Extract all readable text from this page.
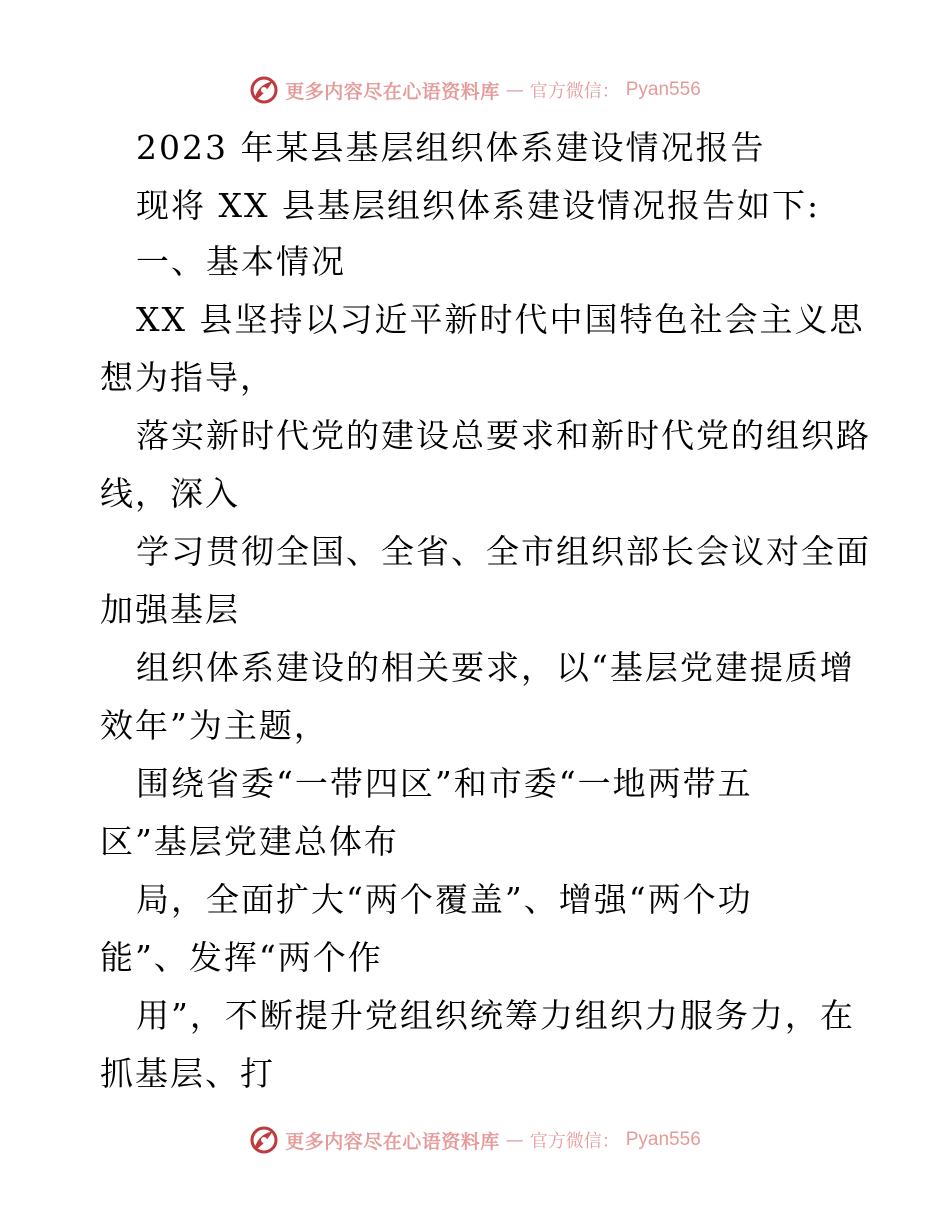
更多内容尽在心语资料库 — 官方微信： Pyan556
2023 年某县基层组织体系建设情况报告
现将 XX 县基层组织体系建设情况报告如下:
一、基本情况
XX 县坚持以习近平新时代中国特色社会主义思
想为指导，
落实新时代党的建设总要求和新时代党的组织路
线，深入
学习贯彻全国、全省、全市组织部长会议对全面
加强基层
组织体系建设的相关要求，以“基层党建提质增
效年”为主题，
围绕省委“一带四区”和市委“一地两带五
区”基层党建总体布
局，全面扩大“两个覆盖”、增强“两个功
能”、发挥“两个作
用”，不断提升党组织统筹力组织力服务力，在
抓基层、打
更多内容尽在心语资料库 — 官方微信： Pyan556
